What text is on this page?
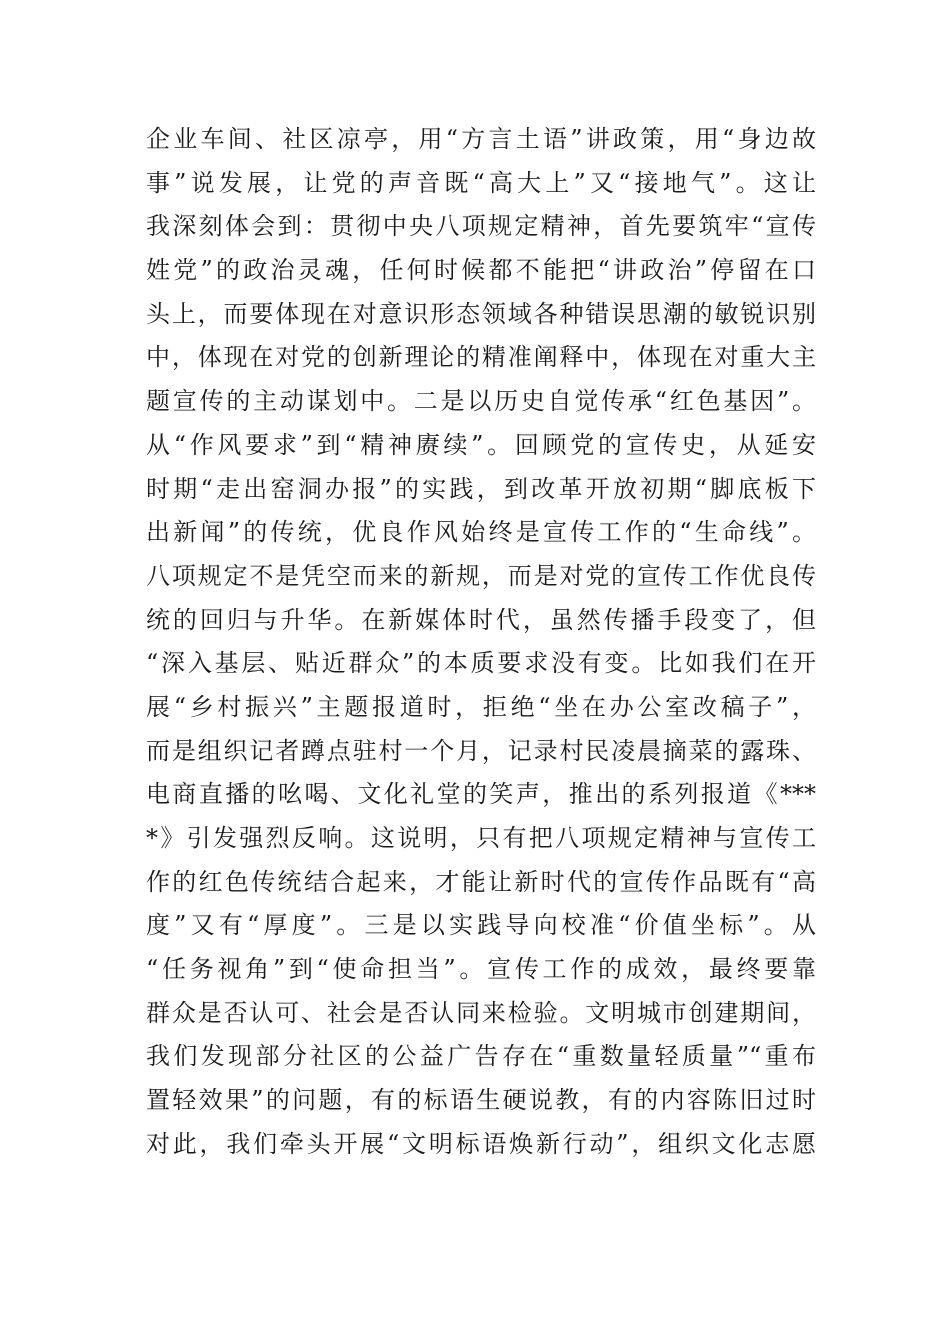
企业车间、社区凉亭，用“方言土语”讲政策，用“身边故
事”说发展，让党的声音既“高大上”又“接地气”。这让
我深刻体会到：贯彻中央八项规定精神，首先要筑牢“宣传
姓党”的政治灵魂，任何时候都不能把“讲政治”停留在口
头上，而要体现在对意识形态领域各种错误思潮的敏锐识别
中，体现在对党的创新理论的精准阐释中，体现在对重大主
题宣传的主动谋划中。二是以历史自觉传承“红色基因”。
从“作风要求”到“精神赓续”。回顾党的宣传史，从延安
时期“走出窑洞办报”的实践，到改革开放初期“脚底板下
出新闻”的传统，优良作风始终是宣传工作的“生命线”。
八项规定不是凭空而来的新规，而是对党的宣传工作优良传
统的回归与升华。在新媒体时代，虽然传播手段变了，但
“深入基层、贴近群众”的本质要求没有变。比如我们在开
展“乡村振兴”主题报道时，拒绝“坐在办公室改稿子”，
而是组织记者蹲点驻村一个月，记录村民凌晨摘菜的露珠、
电商直播的吆喝、文化礼堂的笑声，推出的系列报道《***
*》引发强烈反响。这说明，只有把八项规定精神与宣传工
作的红色传统结合起来，才能让新时代的宣传作品既有“高
度”又有“厚度”。三是以实践导向校准“价值坐标”。从
“任务视角”到“使命担当”。宣传工作的成效，最终要靠
群众是否认可、社会是否认同来检验。文明城市创建期间，
我们发现部分社区的公益广告存在“重数量轻质量”“重布
置轻效果”的问题，有的标语生硬说教，有的内容陈旧过时
对此，我们牵头开展“文明标语焕新行动”，组织文化志愿
